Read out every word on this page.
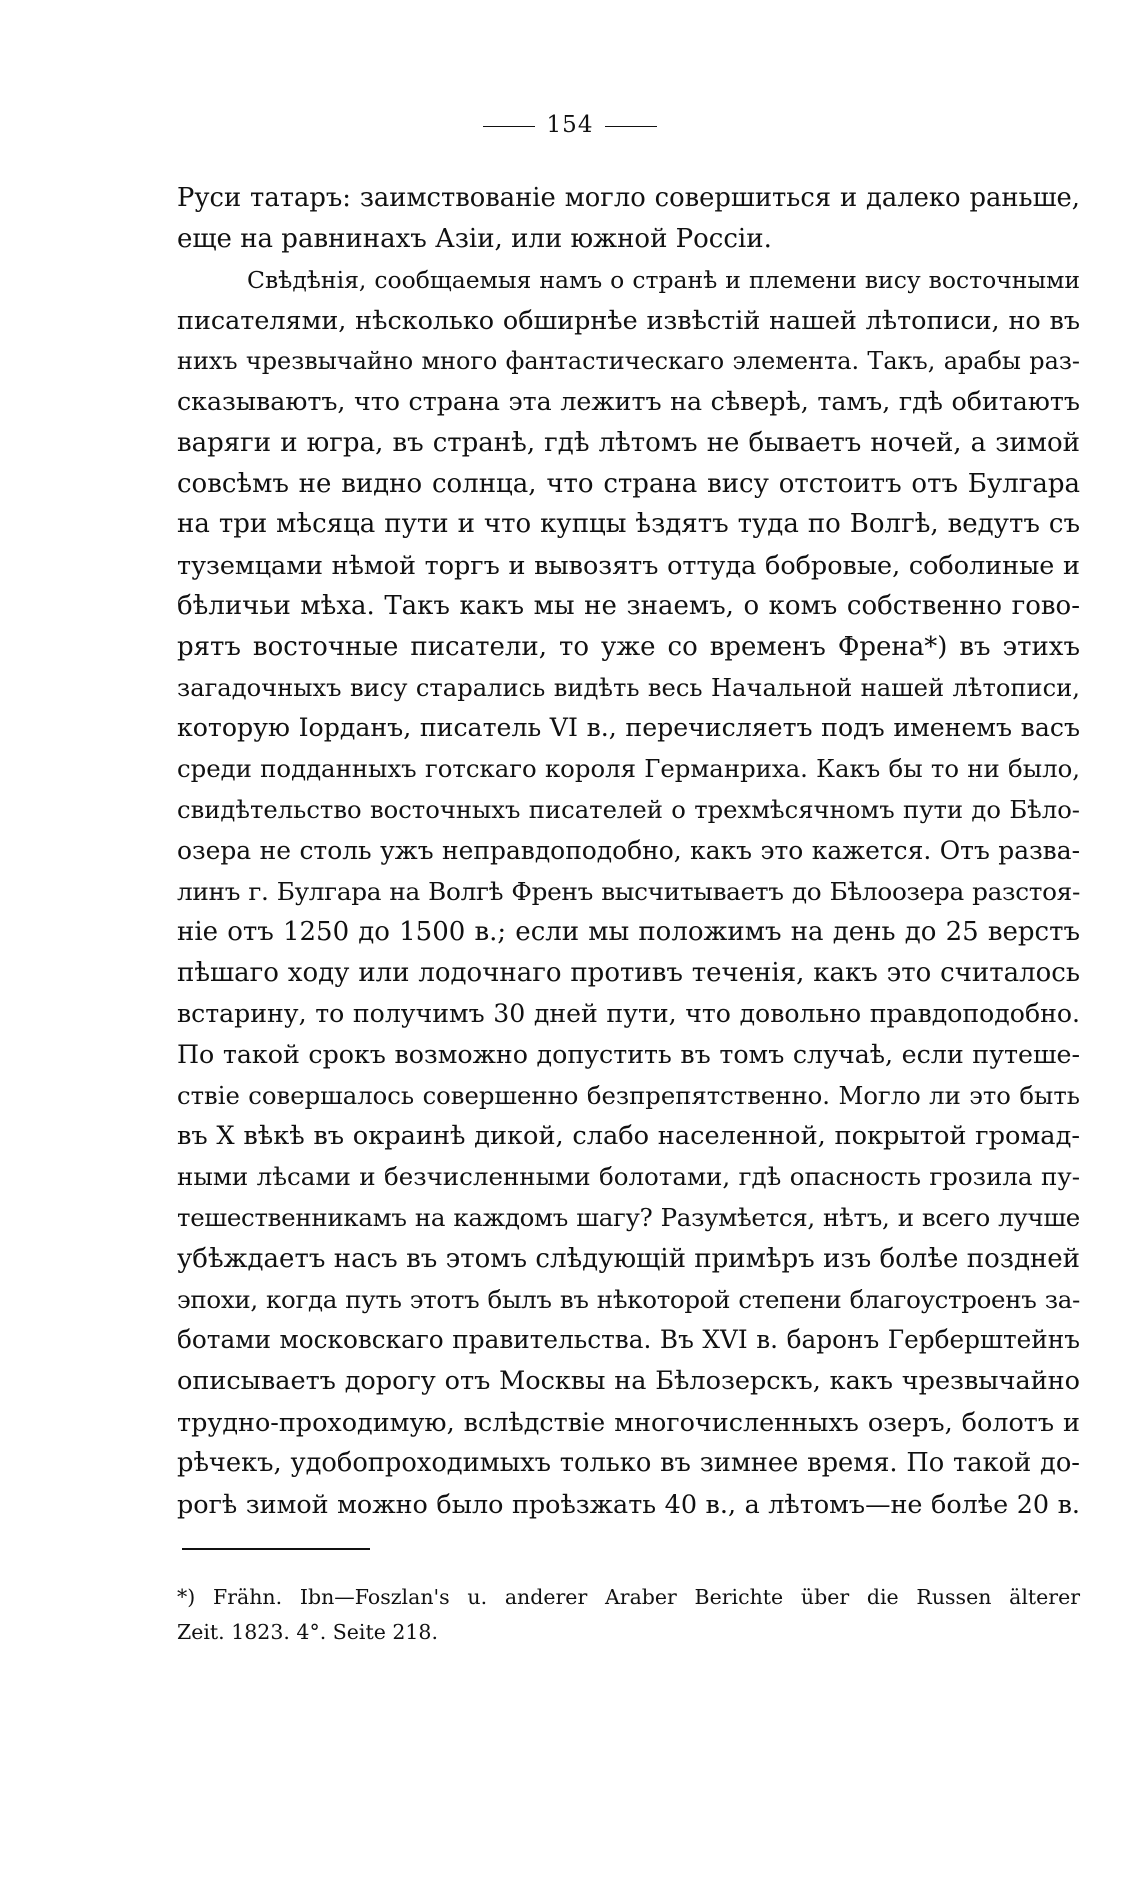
154
Руси татаръ: заимствованіе могло совершиться и далеко раньше,
еще на равнинахъ Азіи, или южной Россіи.
Свѣдѣнія, сообщаемыя намъ о странѣ и племени вису восточными
писателями, нѣсколько обширнѣе извѣстій нашей лѣтописи, но въ
нихъ чрезвычайно много фантастическаго элемента. Такъ, арабы раз-
сказываютъ, что страна эта лежитъ на сѣверѣ, тамъ, гдѣ обитаютъ
варяги и югра, въ странѣ, гдѣ лѣтомъ не бываетъ ночей, а зимой
совсѣмъ не видно солнца, что страна вису отстоитъ отъ Булгара
на три мѣсяца пути и что купцы ѣздятъ туда по Волгѣ, ведутъ съ
туземцами нѣмой торгъ и вывозятъ оттуда бобровые, соболиные и
бѣличьи мѣха. Такъ какъ мы не знаемъ, о комъ собственно гово-
рятъ восточные писатели, то уже со временъ Френа*) въ этихъ
загадочныхъ вису старались видѣть весь Начальной нашей лѣтописи,
которую Іорданъ, писатель VI в., перечисляетъ подъ именемъ васъ
среди подданныхъ готскаго короля Германриха. Какъ бы то ни было,
свидѣтельство восточныхъ писателей о трехмѣсячномъ пути до Бѣло-
озера не столь ужъ неправдоподобно, какъ это кажется. Отъ разва-
линъ г. Булгара на Волгѣ Френъ высчитываетъ до Бѣлоозера разстоя-
ніе отъ 1250 до 1500 в.; если мы положимъ на день до 25 верстъ
пѣшаго ходу или лодочнаго противъ теченія, какъ это считалось
встарину, то получимъ 30 дней пути, что довольно правдоподобно.
По такой срокъ возможно допустить въ томъ случаѣ, если путеше-
ствіе совершалось совершенно безпрепятственно. Могло ли это быть
въ X вѣкѣ въ окраинѣ дикой, слабо населенной, покрытой громад-
ными лѣсами и безчисленными болотами, гдѣ опасность грозила пу-
тешественникамъ на каждомъ шагу? Разумѣется, нѣтъ, и всего лучше
убѣждаетъ насъ въ этомъ слѣдующій примѣръ изъ болѣе поздней
эпохи, когда путь этотъ былъ въ нѣкоторой степени благоустроенъ за-
ботами московскаго правительства. Въ XVI в. баронъ Герберштейнъ
описываетъ дорогу отъ Москвы на Бѣлозерскъ, какъ чрезвычайно
трудно-проходимую, вслѣдствіе многочисленныхъ озеръ, болотъ и
рѣчекъ, удобопроходимыхъ только въ зимнее время. По такой до-
рогѣ зимой можно было проѣзжать 40 в., а лѣтомъ—не болѣе 20 в.
*) Frähn. Ibn—Foszlan's u. anderer Araber Berichte über die Russen älterer
Zeit. 1823. 4°. Seite 218.
